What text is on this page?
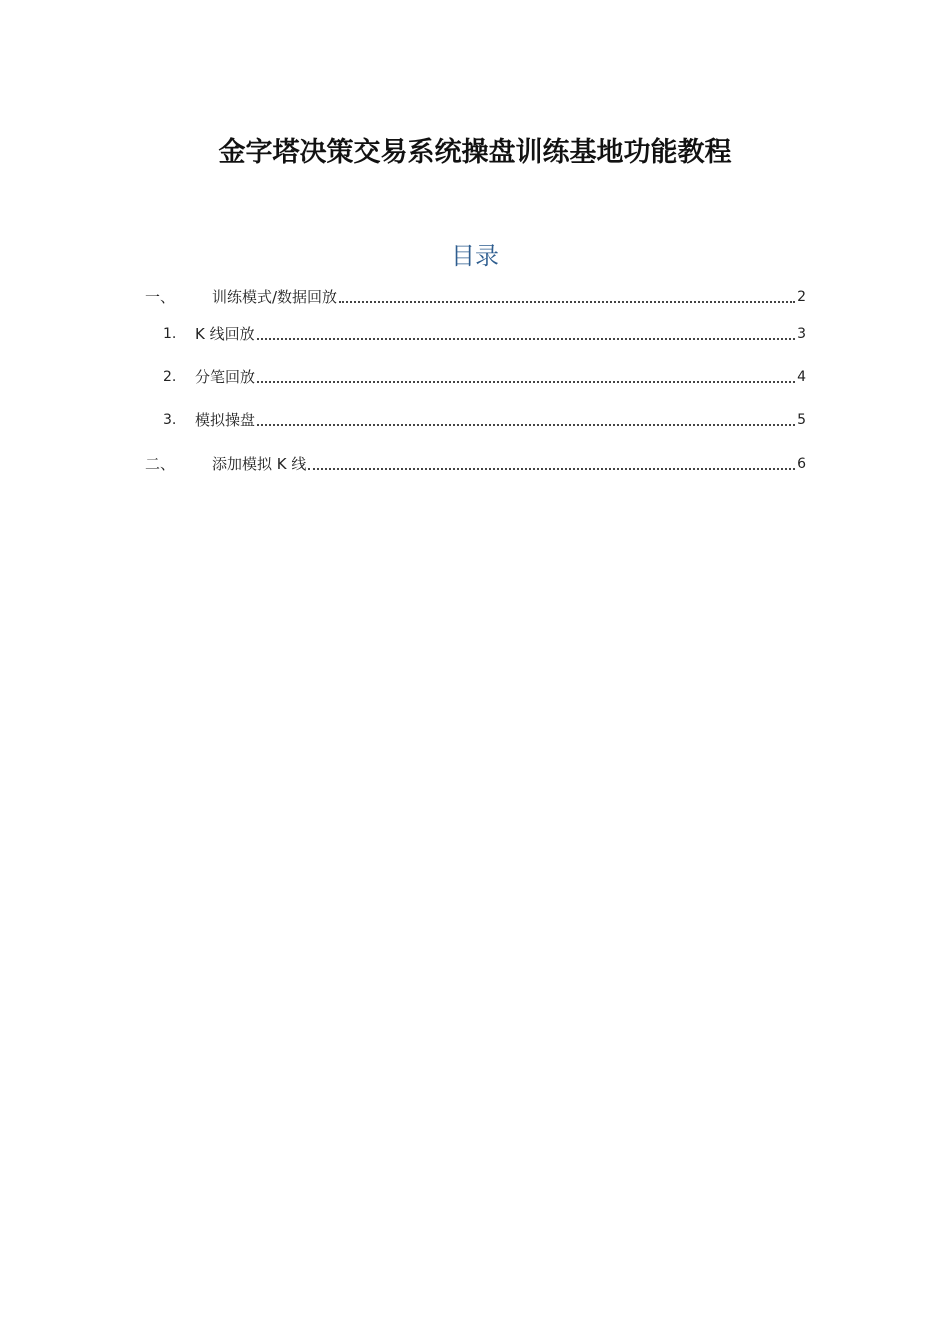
金字塔决策交易系统操盘训练基地功能教程
目录
一、	训练模式/数据回放	2
1.	K 线回放	3
2.	分笔回放	4
3.	模拟操盘	5
二、	添加模拟 K 线	6
